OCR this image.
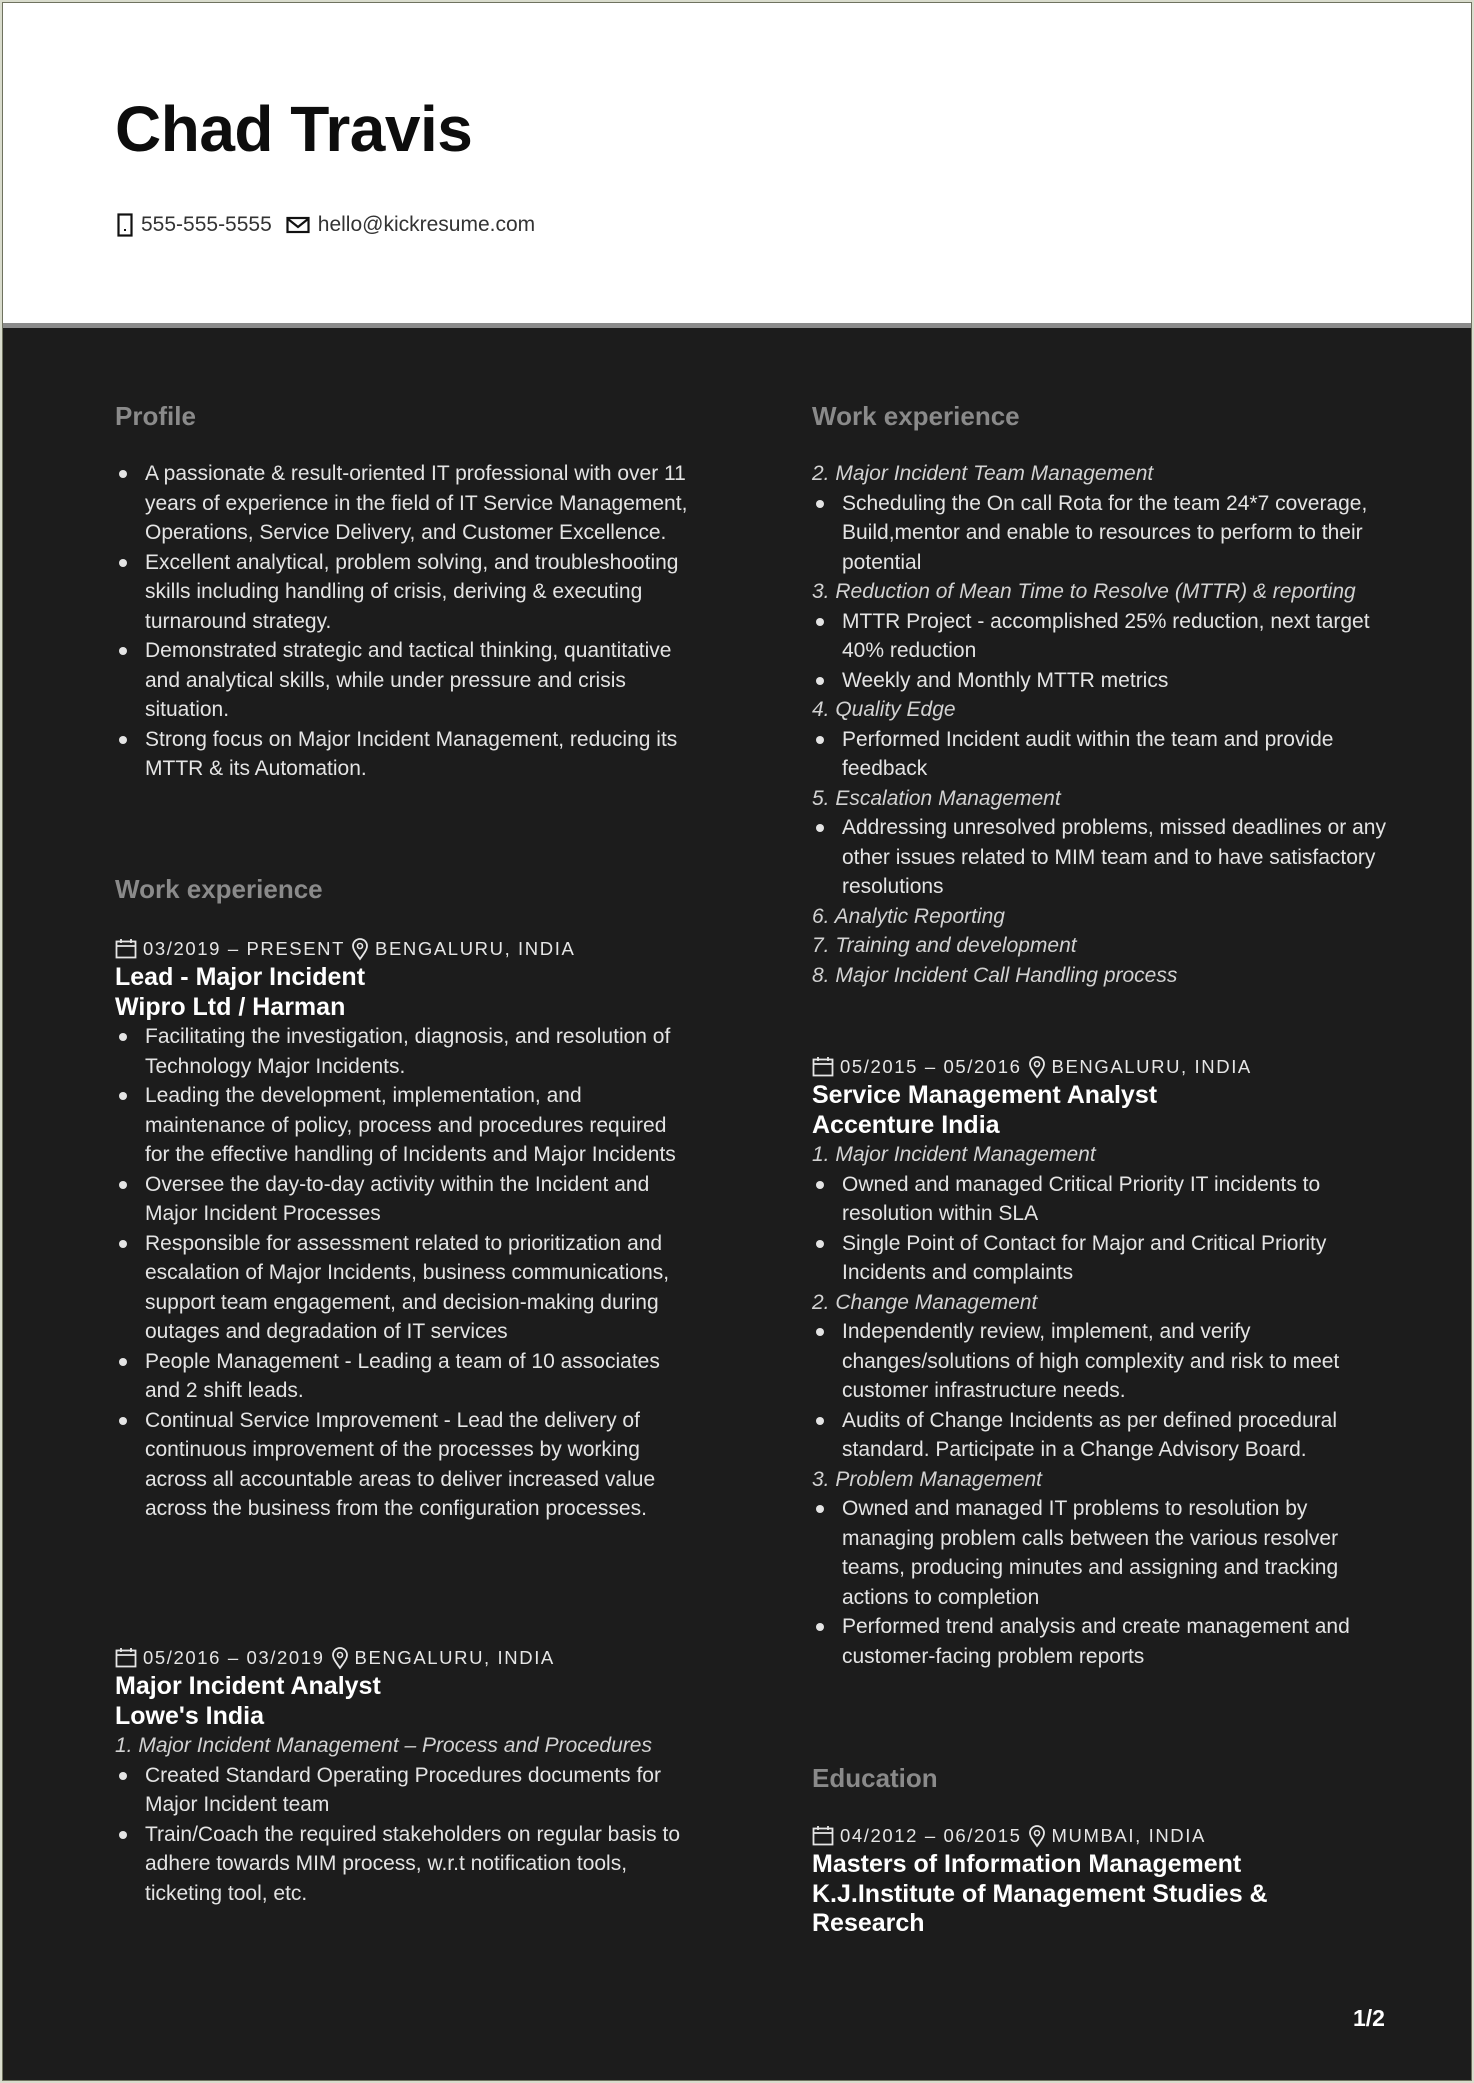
Chad Travis
555-555-5555 hello@kickresume.com
Profile
A passionate & result-oriented IT professional with over 11 years of experience in the field of IT Service Management, Operations, Service Delivery, and Customer Excellence.
Excellent analytical, problem solving, and troubleshooting skills including handling of crisis, deriving & executing turnaround strategy.
Demonstrated strategic and tactical thinking, quantitative and analytical skills, while under pressure and crisis situation.
Strong focus on Major Incident Management, reducing its MTTR & its Automation.
Work experience
03/2019 – PRESENT BENGALURU, INDIA
Lead - Major Incident
Wipro Ltd / Harman
Facilitating the investigation, diagnosis, and resolution of Technology Major Incidents.
Leading the development, implementation, and maintenance of policy, process and procedures required for the effective handling of Incidents and Major Incidents
Oversee the day-to-day activity within the Incident and Major Incident Processes
Responsible for assessment related to prioritization and escalation of Major Incidents, business communications, support team engagement, and decision-making during outages and degradation of IT services
People Management - Leading a team of 10 associates and 2 shift leads.
Continual Service Improvement - Lead the delivery of continuous improvement of the processes by working across all accountable areas to deliver increased value across the business from the configuration processes.
05/2016 – 03/2019 BENGALURU, INDIA
Major Incident Analyst
Lowe's India
1. Major Incident Management – Process and Procedures
Created Standard Operating Procedures documents for Major Incident team
Train/Coach the required stakeholders on regular basis to adhere towards MIM process, w.r.t notification tools, ticketing tool, etc.
Work experience
2. Major Incident Team Management
Scheduling the On call Rota for the team 24*7 coverage, Build,mentor and enable to resources to perform to their potential
3. Reduction of Mean Time to Resolve (MTTR) & reporting
MTTR Project - accomplished 25% reduction, next target 40% reduction
Weekly and Monthly MTTR metrics
4. Quality Edge
Performed Incident audit within the team and provide feedback
5. Escalation Management
Addressing unresolved problems, missed deadlines or any other issues related to MIM team and to have satisfactory resolutions
6. Analytic Reporting
7. Training and development
8. Major Incident Call Handling process
05/2015 – 05/2016 BENGALURU, INDIA
Service Management Analyst
Accenture India
1. Major Incident Management
Owned and managed Critical Priority IT incidents to resolution within SLA
Single Point of Contact for Major and Critical Priority Incidents and complaints
2. Change Management
Independently review, implement, and verify changes/solutions of high complexity and risk to meet customer infrastructure needs.
Audits of Change Incidents as per defined procedural standard. Participate in a Change Advisory Board.
3. Problem Management
Owned and managed IT problems to resolution by managing problem calls between the various resolver teams, producing minutes and assigning and tracking actions to completion
Performed trend analysis and create management and customer-facing problem reports
Education
04/2012 – 06/2015 MUMBAI, INDIA
Masters of Information Management
K.J.Institute of Management Studies & Research
1/2
